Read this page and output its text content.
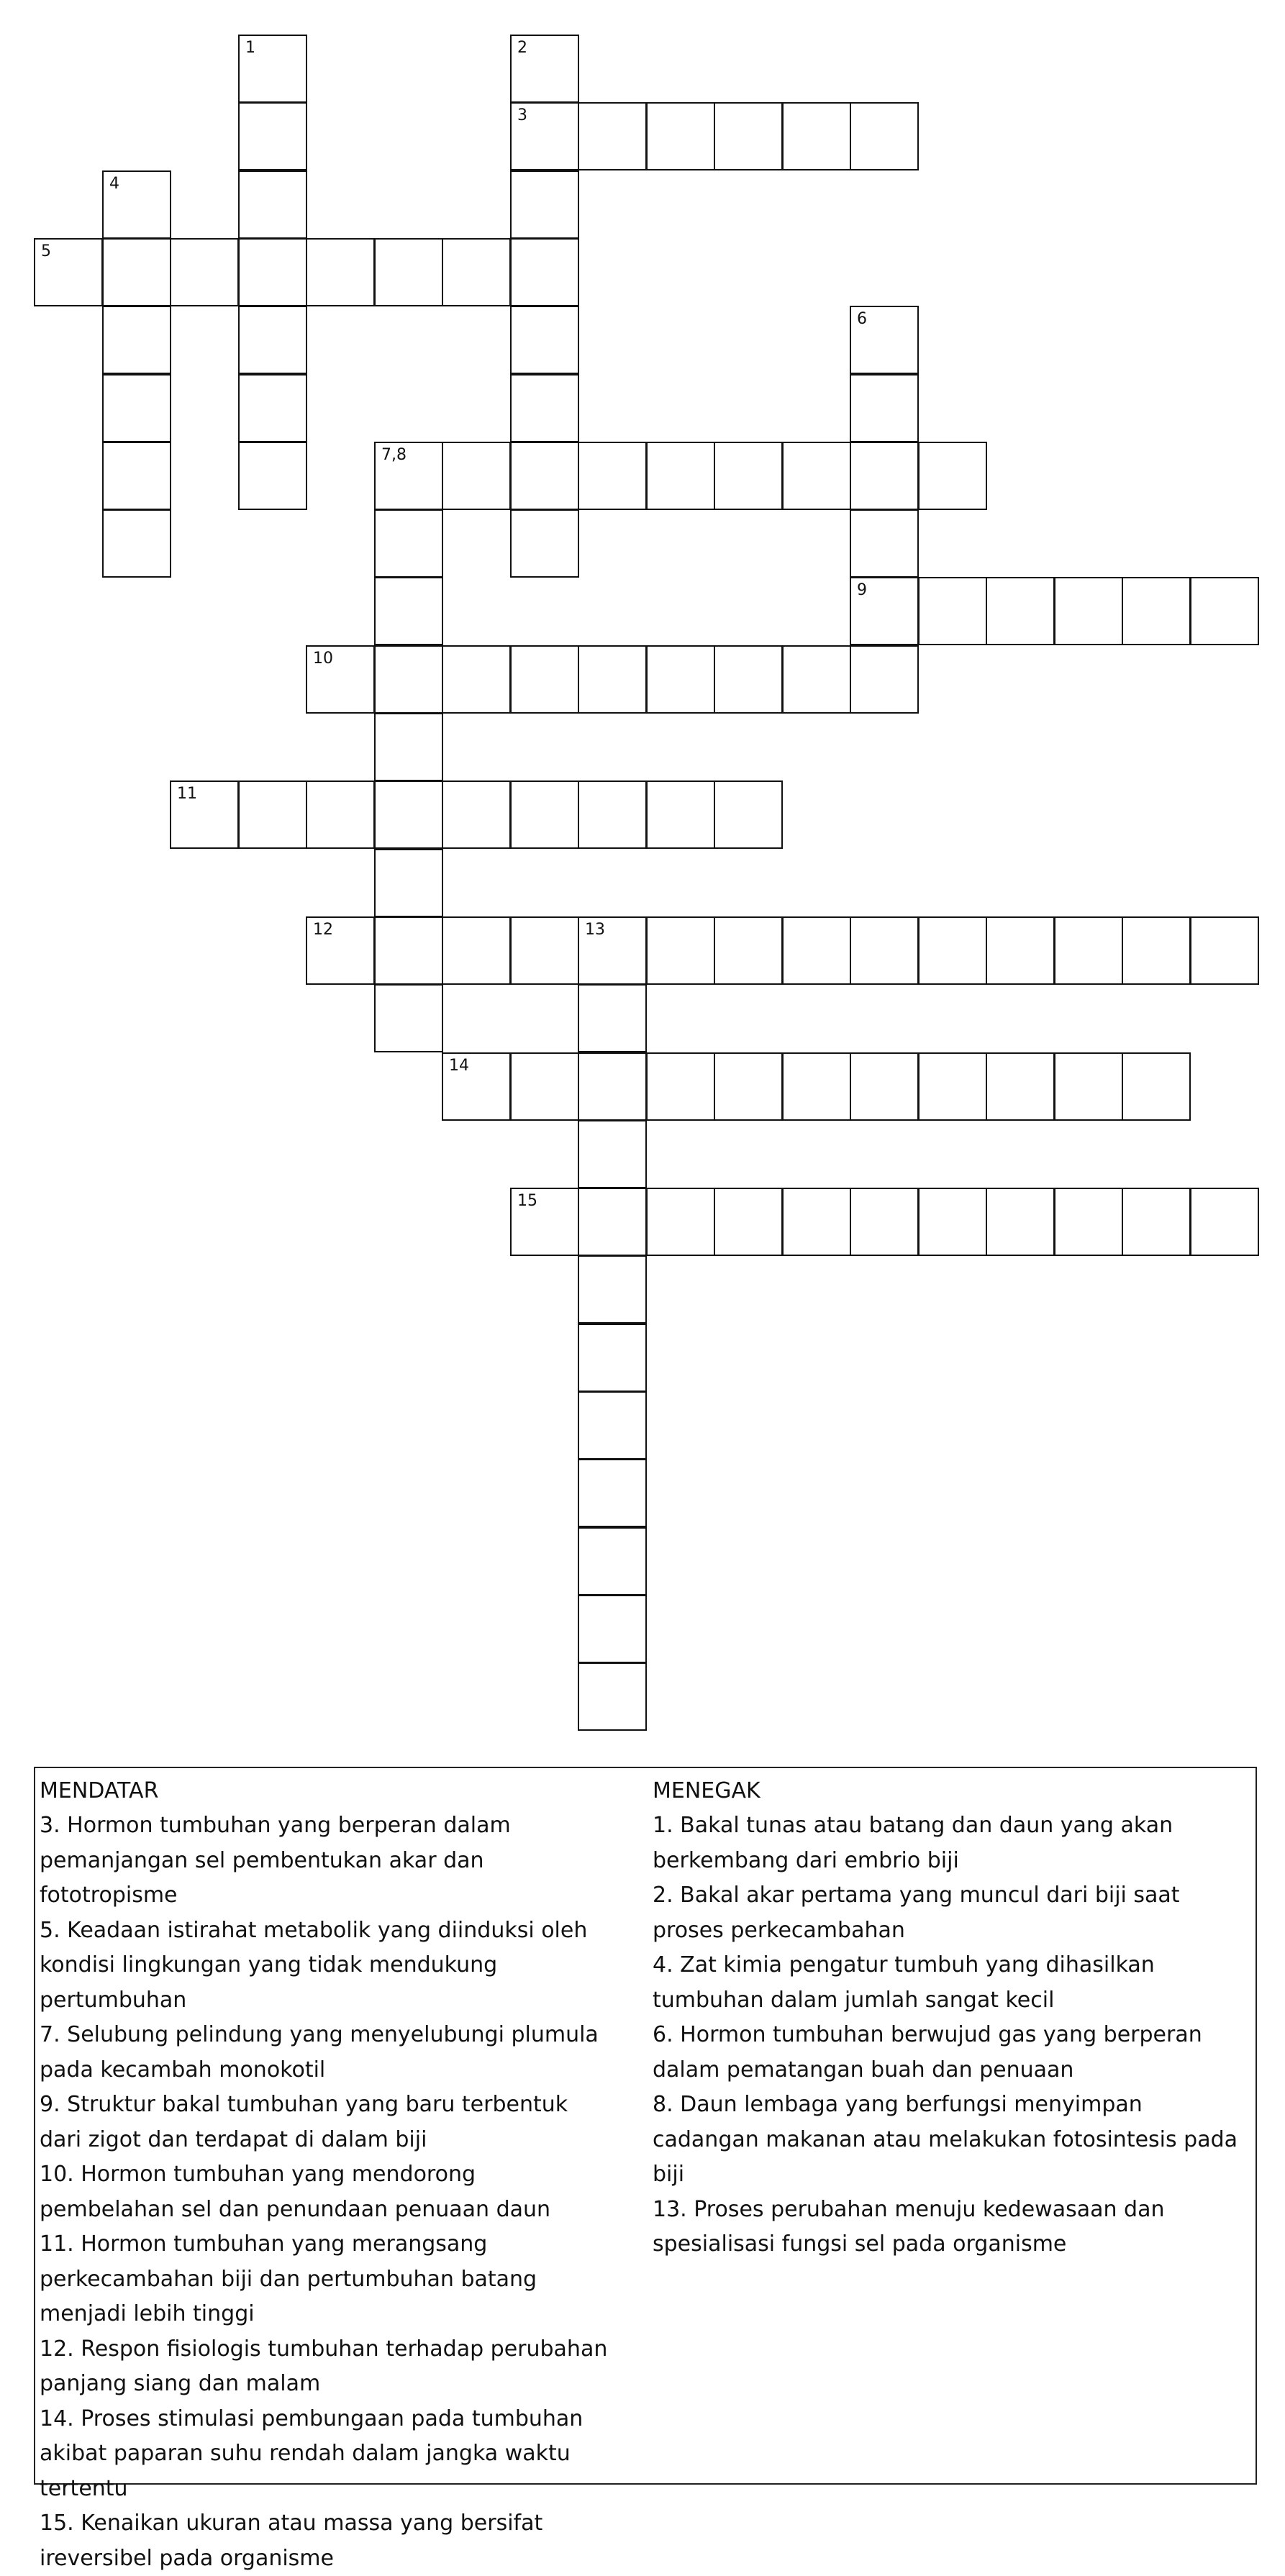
1	2
3
4
5
6
9
7,8
10
11
12	13
14
15

MENDATAR

3. Hormon tumbuhan yang berperan dalam pemanjangan sel pembentukan akar dan fototropisme

5. Keadaan istirahat metabolik yang diinduksi oleh kondisi lingkungan yang tidak mendukung pertumbuhan

7. Selubung pelindung yang menyelubungi plumula pada kecambah monokotil

9. Struktur bakal tumbuhan yang baru terbentuk dari zigot dan terdapat di dalam biji

10. Hormon tumbuhan yang mendorong pembelahan sel dan penundaan penuaan daun

11. Hormon tumbuhan yang merangsang perkecambahan biji dan pertumbuhan batang menjadi lebih tinggi

12. Respon fisiologis tumbuhan terhadap perubahan panjang siang dan malam

14. Proses stimulasi pembungaan pada tumbuhan akibat paparan suhu rendah dalam jangka waktu tertentu

15. Kenaikan ukuran atau massa yang bersifat ireversibel pada organisme

MENEGAK

1. Bakal tunas atau batang dan daun yang akan berkembang dari embrio biji

2. Bakal akar pertama yang muncul dari biji saat proses perkecambahan

4. Zat kimia pengatur tumbuh yang dihasilkan tumbuhan dalam jumlah sangat kecil

6. Hormon tumbuhan berwujud gas yang berperan dalam pematangan buah dan penuaan

8. Daun lembaga yang berfungsi menyimpan cadangan makanan atau melakukan fotosintesis pada biji

13. Proses perubahan menuju kedewasaan dan spesialisasi fungsi sel pada organisme
